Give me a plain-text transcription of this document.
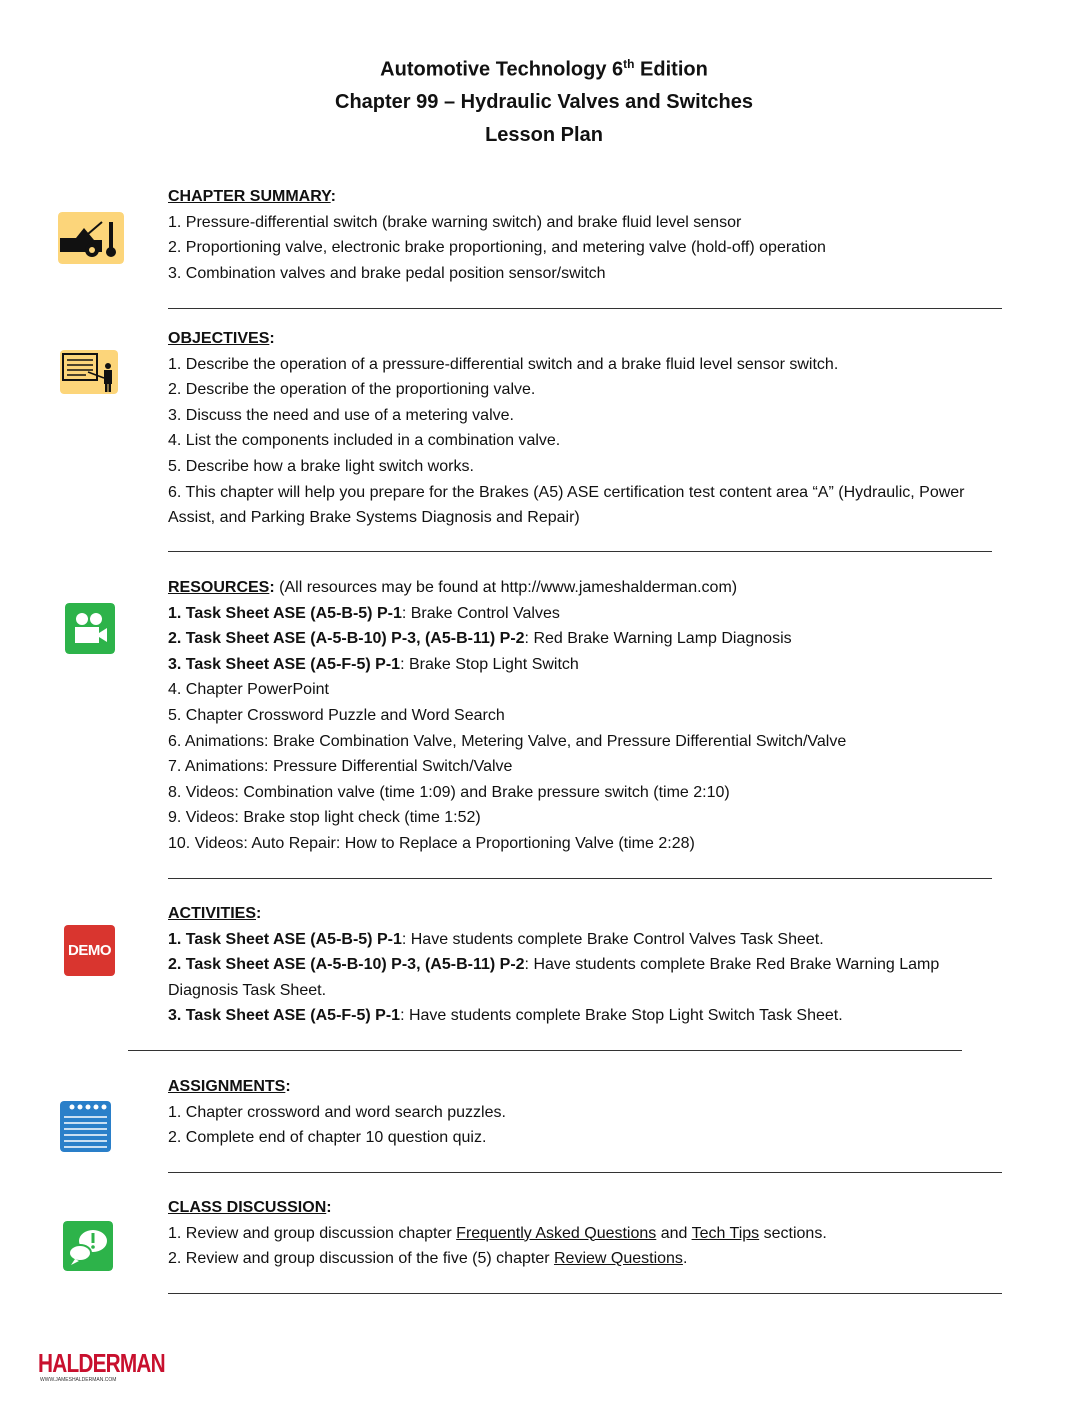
Automotive Technology 6th Edition
Chapter 99 – Hydraulic Valves and Switches
Lesson Plan
CHAPTER SUMMARY:
1. Pressure-differential switch (brake warning switch) and brake fluid level sensor
2. Proportioning valve, electronic brake proportioning, and metering valve (hold-off) operation
3. Combination valves and brake pedal position sensor/switch
OBJECTIVES:
1. Describe the operation of a pressure-differential switch and a brake fluid level sensor switch.
2. Describe the operation of the proportioning valve.
3. Discuss the need and use of a metering valve.
4. List the components included in a combination valve.
5. Describe how a brake light switch works.
6. This chapter will help you prepare for the Brakes (A5) ASE certification test content area “A” (Hydraulic, Power Assist, and Parking Brake Systems Diagnosis and Repair)
RESOURCES: (All resources may be found at http://www.jameshalderman.com)
1. Task Sheet ASE (A5-B-5) P-1: Brake Control Valves
2. Task Sheet ASE (A-5-B-10) P-3, (A5-B-11) P-2: Red Brake Warning Lamp Diagnosis
3. Task Sheet ASE (A5-F-5) P-1: Brake Stop Light Switch
4. Chapter PowerPoint
5. Chapter Crossword Puzzle and Word Search
6. Animations: Brake Combination Valve, Metering Valve, and Pressure Differential Switch/Valve
7. Animations: Pressure Differential Switch/Valve
8. Videos: Combination valve (time 1:09) and Brake pressure switch (time 2:10)
9. Videos: Brake stop light check (time 1:52)
10. Videos: Auto Repair: How to Replace a Proportioning Valve (time 2:28)
DEMO
ACTIVITIES:
1. Task Sheet ASE (A5-B-5) P-1: Have students complete Brake Control Valves Task Sheet.
2. Task Sheet ASE (A-5-B-10) P-3, (A5-B-11) P-2: Have students complete Brake Red Brake Warning Lamp Diagnosis Task Sheet.
3. Task Sheet ASE (A5-F-5) P-1: Have students complete Brake Stop Light Switch Task Sheet.
ASSIGNMENTS:
1. Chapter crossword and word search puzzles.
2. Complete end of chapter 10 question quiz.
CLASS DISCUSSION:
1. Review and group discussion chapter Frequently Asked Questions and Tech Tips sections.
2. Review and group discussion of the five (5) chapter Review Questions.
HALDERMAN
WWW.JAMESHALDERMAN.COM
